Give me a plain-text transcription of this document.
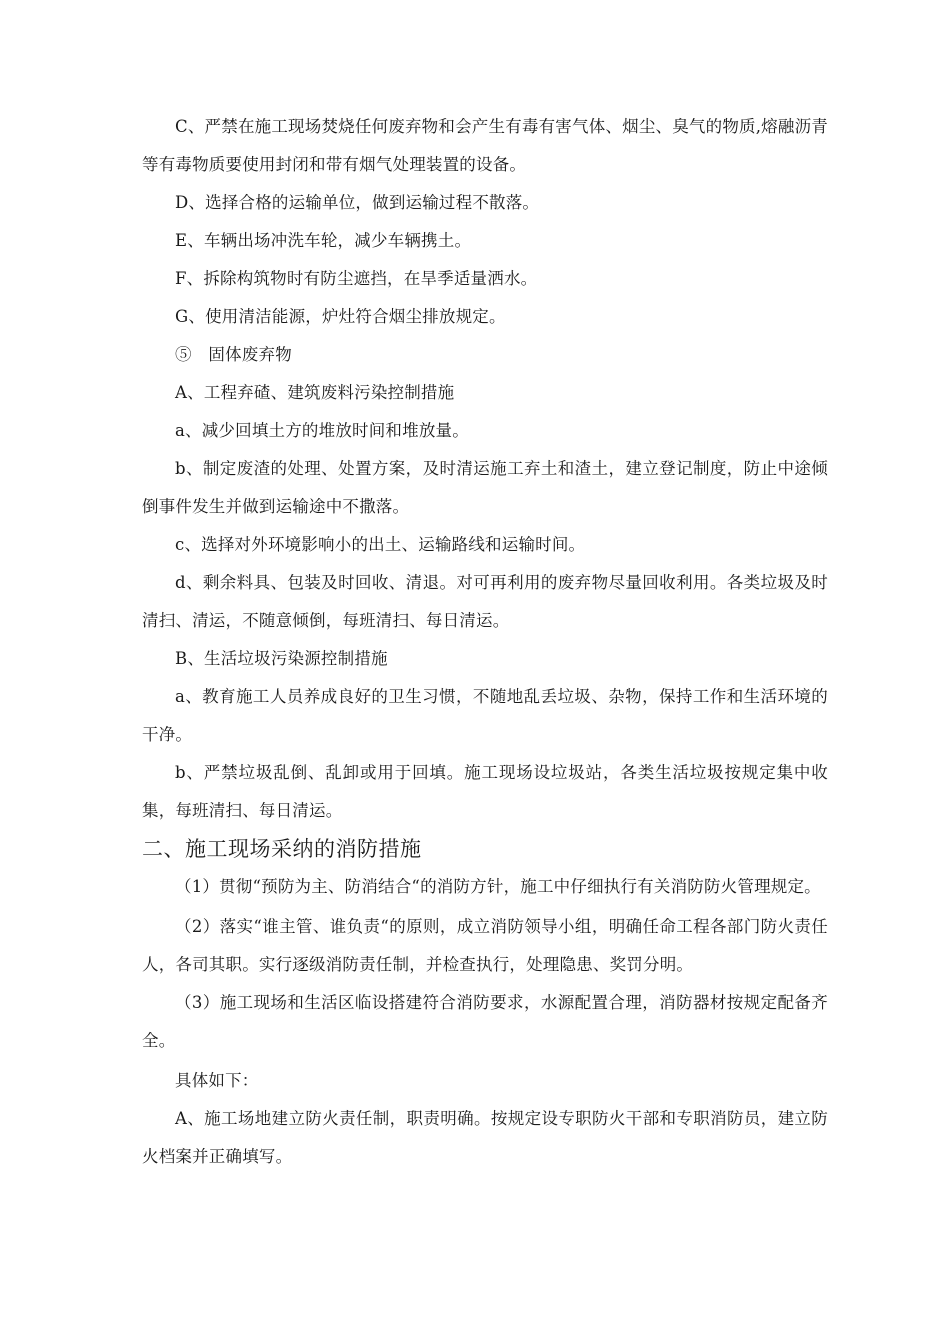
C、严禁在施工现场焚烧任何废弃物和会产生有毒有害气体、烟尘、臭气的物质,熔融沥青等有毒物质要使用封闭和带有烟气处理装置的设备。

D、选择合格的运输单位，做到运输过程不散落。

E、车辆出场冲洗车轮，减少车辆携土。

F、拆除构筑物时有防尘遮挡，在旱季适量洒水。

G、使用清洁能源，炉灶符合烟尘排放规定。

⑤　固体废弃物

A、工程弃碴、建筑废料污染控制措施

a、减少回填土方的堆放时间和堆放量。

b、制定废渣的处理、处置方案，及时清运施工弃土和渣土，建立登记制度，防止中途倾倒事件发生并做到运输途中不撒落。

c、选择对外环境影响小的出土、运输路线和运输时间。

d、剩余料具、包装及时回收、清退。对可再利用的废弃物尽量回收利用。各类垃圾及时清扫、清运，不随意倾倒，每班清扫、每日清运。

B、生活垃圾污染源控制措施

a、教育施工人员养成良好的卫生习惯，不随地乱丢垃圾、杂物，保持工作和生活环境的干净。

b、严禁垃圾乱倒、乱卸或用于回填。施工现场设垃圾站，各类生活垃圾按规定集中收集，每班清扫、每日清运。

二、施工现场采纳的消防措施

（1）贯彻“预防为主、防消结合“的消防方针，施工中仔细执行有关消防防火管理规定。

（2）落实“谁主管、谁负责“的原则，成立消防领导小组，明确任命工程各部门防火责任人，各司其职。实行逐级消防责任制，并检查执行，处理隐患、奖罚分明。

（3）施工现场和生活区临设搭建符合消防要求，水源配置合理，消防器材按规定配备齐全。

具体如下：

A、施工场地建立防火责任制，职责明确。按规定设专职防火干部和专职消防员，建立防火档案并正确填写。
